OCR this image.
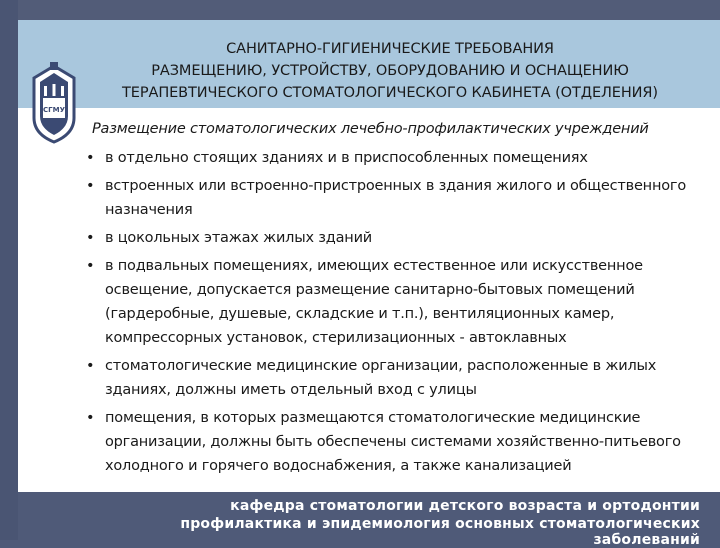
СГМУ
САНИТАРНО-ГИГИЕНИЧЕСКИЕ ТРЕБОВАНИЯ
РАЗМЕЩЕНИЮ, УСТРОЙСТВУ, ОБОРУДОВАНИЮ И ОСНАЩЕНИЮ
ТЕРАПЕВТИЧЕСКОГО СТОМАТОЛОГИЧЕСКОГО КАБИНЕТА (ОТДЕЛЕНИЯ)
Размещение стоматологических лечебно-профилактических учреждений
• в отдельно стоящих зданиях и в приспособленных помещениях
• встроенных или встроенно-пристроенных в здания жилого и общественного назначения
• в цокольных этажах жилых зданий
• в подвальных помещениях, имеющих естественное или искусственное освещение, допускается размещение санитарно-бытовых помещений (гардеробные, душевые, складские и т.п.), вентиляционных камер, компрессорных установок, стерилизационных - автоклавных
• стоматологические медицинские организации, расположенные в жилых зданиях, должны иметь отдельный вход с улицы
• помещения, в которых размещаются стоматологические медицинские организации, должны быть обеспечены системами хозяйственно-питьевого холодного и горячего водоснабжения, а также канализацией
кафедра стоматологии детского возраста и ортодонтии
профилактика и эпидемиология основных стоматологических заболеваний
